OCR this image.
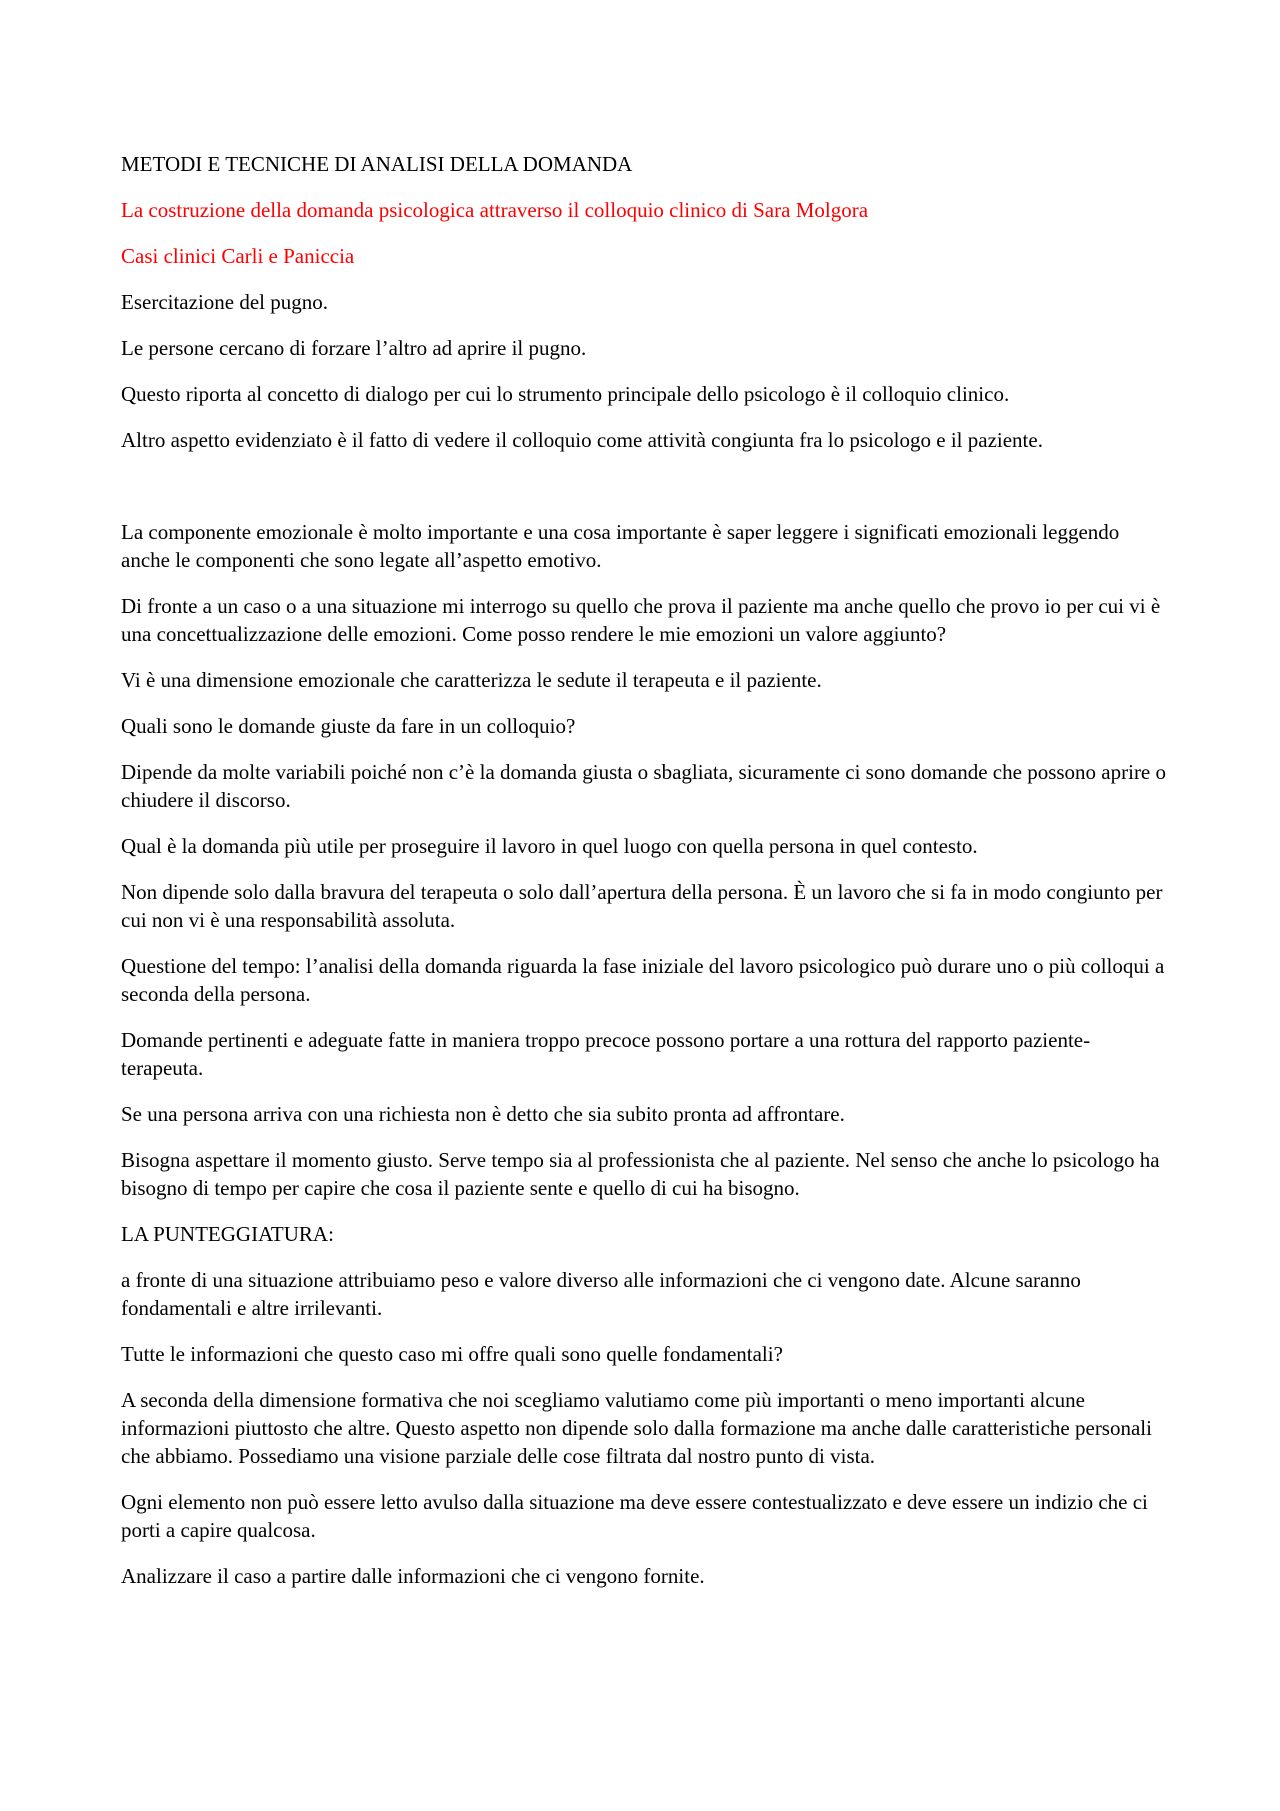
METODI E TECNICHE DI ANALISI DELLA DOMANDA

La costruzione della domanda psicologica attraverso il colloquio clinico di Sara Molgora

Casi clinici Carli e Paniccia

Esercitazione del pugno.

Le persone cercano di forzare l’altro ad aprire il pugno.

Questo riporta al concetto di dialogo per cui lo strumento principale dello psicologo è il colloquio clinico.

Altro aspetto evidenziato è il fatto di vedere il colloquio come attività congiunta fra lo psicologo e il paziente.

La componente emozionale è molto importante e una cosa importante è saper leggere i significati emozionali leggendo anche le componenti che sono legate all’aspetto emotivo.

Di fronte a un caso o a una situazione mi interrogo su quello che prova il paziente ma anche quello che provo io per cui vi è una concettualizzazione delle emozioni. Come posso rendere le mie emozioni un valore aggiunto?

Vi è una dimensione emozionale che caratterizza le sedute il terapeuta e il paziente.

Quali sono le domande giuste da fare in un colloquio?

Dipende da molte variabili poiché non c’è la domanda giusta o sbagliata, sicuramente ci sono domande che possono aprire o chiudere il discorso.

Qual è la domanda più utile per proseguire il lavoro in quel luogo con quella persona in quel contesto.

Non dipende solo dalla bravura del terapeuta o solo dall’apertura della persona. È un lavoro che si fa in modo congiunto per cui non vi è una responsabilità assoluta.

Questione del tempo: l’analisi della domanda riguarda la fase iniziale del lavoro psicologico può durare uno o più colloqui a seconda della persona.

Domande pertinenti e adeguate fatte in maniera troppo precoce possono portare a una rottura del rapporto paziente-terapeuta.

Se una persona arriva con una richiesta non è detto che sia subito pronta ad affrontare.

Bisogna aspettare il momento giusto. Serve tempo sia al professionista che al paziente. Nel senso che anche lo psicologo ha bisogno di tempo per capire che cosa il paziente sente e quello di cui ha bisogno.

LA PUNTEGGIATURA:

a fronte di una situazione attribuiamo peso e valore diverso alle informazioni che ci vengono date. Alcune saranno fondamentali e altre irrilevanti.

Tutte le informazioni che questo caso mi offre quali sono quelle fondamentali?

A seconda della dimensione formativa che noi scegliamo valutiamo come più importanti o meno importanti alcune informazioni piuttosto che altre. Questo aspetto non dipende solo dalla formazione ma anche dalle caratteristiche personali che abbiamo. Possediamo una visione parziale delle cose filtrata dal nostro punto di vista.

Ogni elemento non può essere letto avulso dalla situazione ma deve essere contestualizzato e deve essere un indizio che ci porti a capire qualcosa.

Analizzare il caso a partire dalle informazioni che ci vengono fornite.
